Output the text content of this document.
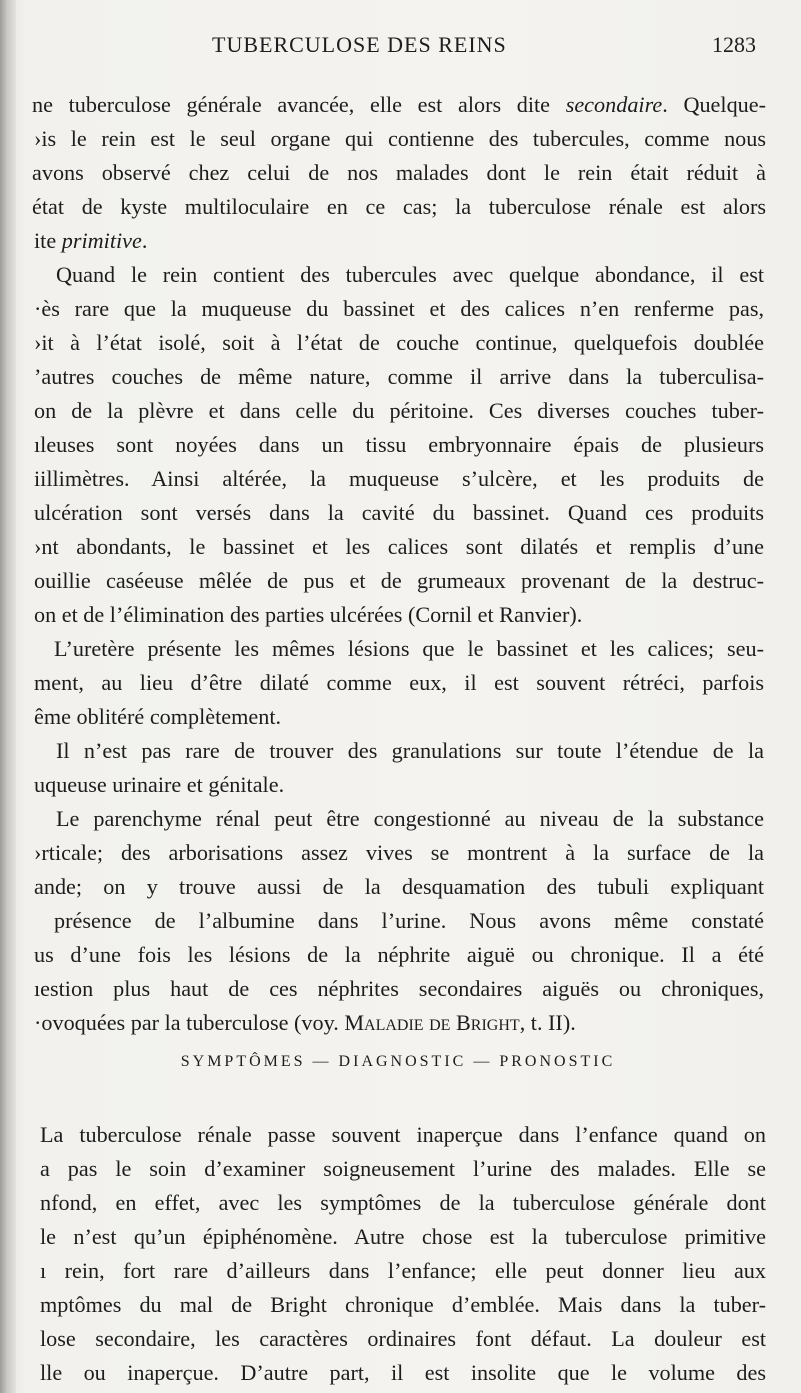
TUBERCULOSE DES REINS	1283
ne tuberculose générale avancée, elle est alors dite secondaire. Quelque-
›is le rein est le seul organe qui contienne des tubercules, comme nous
avons observé chez celui de nos malades dont le rein était réduit à
état de kyste multiloculaire en ce cas; la tuberculose rénale est alors
ite primitive.
Quand le rein contient des tubercules avec quelque abondance, il est
·ès rare que la muqueuse du bassinet et des calices n’en renferme pas,
›it à l’état isolé, soit à l’état de couche continue, quelquefois doublée
’autres couches de même nature, comme il arrive dans la tuberculisa-
on de la plèvre et dans celle du péritoine. Ces diverses couches tuber-
ıleuses sont noyées dans un tissu embryonnaire épais de plusieurs
iillimètres. Ainsi altérée, la muqueuse s’ulcère, et les produits de
ulcération sont versés dans la cavité du bassinet. Quand ces produits
›nt abondants, le bassinet et les calices sont dilatés et remplis d’une
ouillie caséeuse mêlée de pus et de grumeaux provenant de la destruc-
on et de l’élimination des parties ulcérées (Cornil et Ranvier).
L’uretère présente les mêmes lésions que le bassinet et les calices; seu-
ment, au lieu d’être dilaté comme eux, il est souvent rétréci, parfois
ême oblitéré complètement.
Il n’est pas rare de trouver des granulations sur toute l’étendue de la
uqueuse urinaire et génitale.
Le parenchyme rénal peut être congestionné au niveau de la substance
›rticale; des arborisations assez vives se montrent à la surface de la
ande; on y trouve aussi de la desquamation des tubuli expliquant
présence de l’albumine dans l’urine. Nous avons même constaté
us d’une fois les lésions de la néphrite aiguë ou chronique. Il a été
ıestion plus haut de ces néphrites secondaires aiguës ou chroniques,
·ovoquées par la tuberculose (voy. Maladie de Bright, t. II).
SYMPTÔMES — DIAGNOSTIC — PRONOSTIC
La tuberculose rénale passe souvent inaperçue dans l’enfance quand on
a pas le soin d’examiner soigneusement l’urine des malades. Elle se
nfond, en effet, avec les symptômes de la tuberculose générale dont
le n’est qu’un épiphénomène. Autre chose est la tuberculose primitive
ı rein, fort rare d’ailleurs dans l’enfance; elle peut donner lieu aux
mptômes du mal de Bright chronique d’emblée. Mais dans la tuber-
lose secondaire, les caractères ordinaires font défaut. La douleur est
lle ou inaperçue. D’autre part, il est insolite que le volume des
